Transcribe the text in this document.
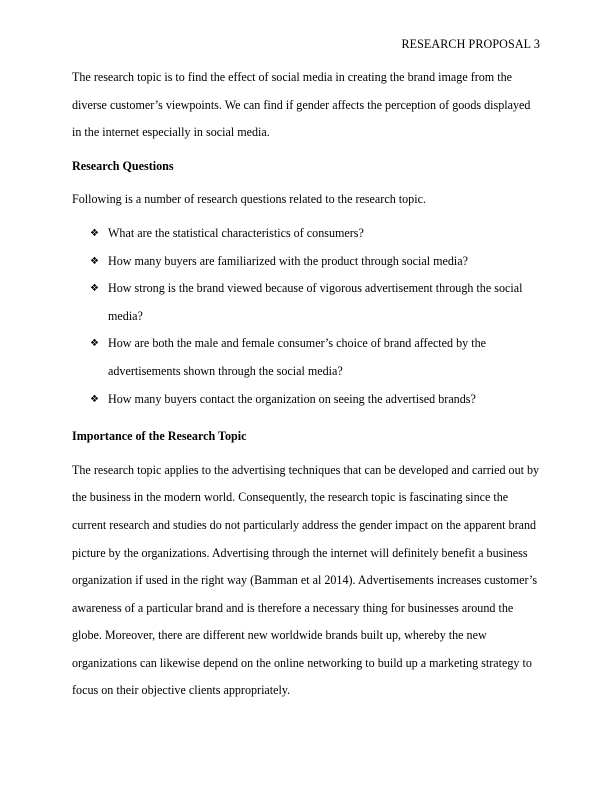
RESEARCH PROPOSAL 3

The research topic is to find the effect of social media in creating the brand image from the diverse customer’s viewpoints. We can find if gender affects the perception of goods displayed in the internet especially in social media.

Research Questions

Following is a number of research questions related to the research topic.

❖ What are the statistical characteristics of consumers?
❖ How many buyers are familiarized with the product through social media?
❖ How strong is the brand viewed because of vigorous advertisement through the social media?
❖ How are both the male and female consumer’s choice of brand affected by the advertisements shown through the social media?
❖ How many buyers contact the organization on seeing the advertised brands?
Importance of the Research Topic

The research topic applies to the advertising techniques that can be developed and carried out by the business in the modern world. Consequently, the research topic is fascinating since the current research and studies do not particularly address the gender impact on the apparent brand picture by the organizations. Advertising through the internet will definitely benefit a business organization if used in the right way (Bamman et al 2014). Advertisements increases customer’s awareness of a particular brand and is therefore a necessary thing for businesses around the globe. Moreover, there are different new worldwide brands built up, whereby the new organizations can likewise depend on the online networking to build up a marketing strategy to focus on their objective clients appropriately.
